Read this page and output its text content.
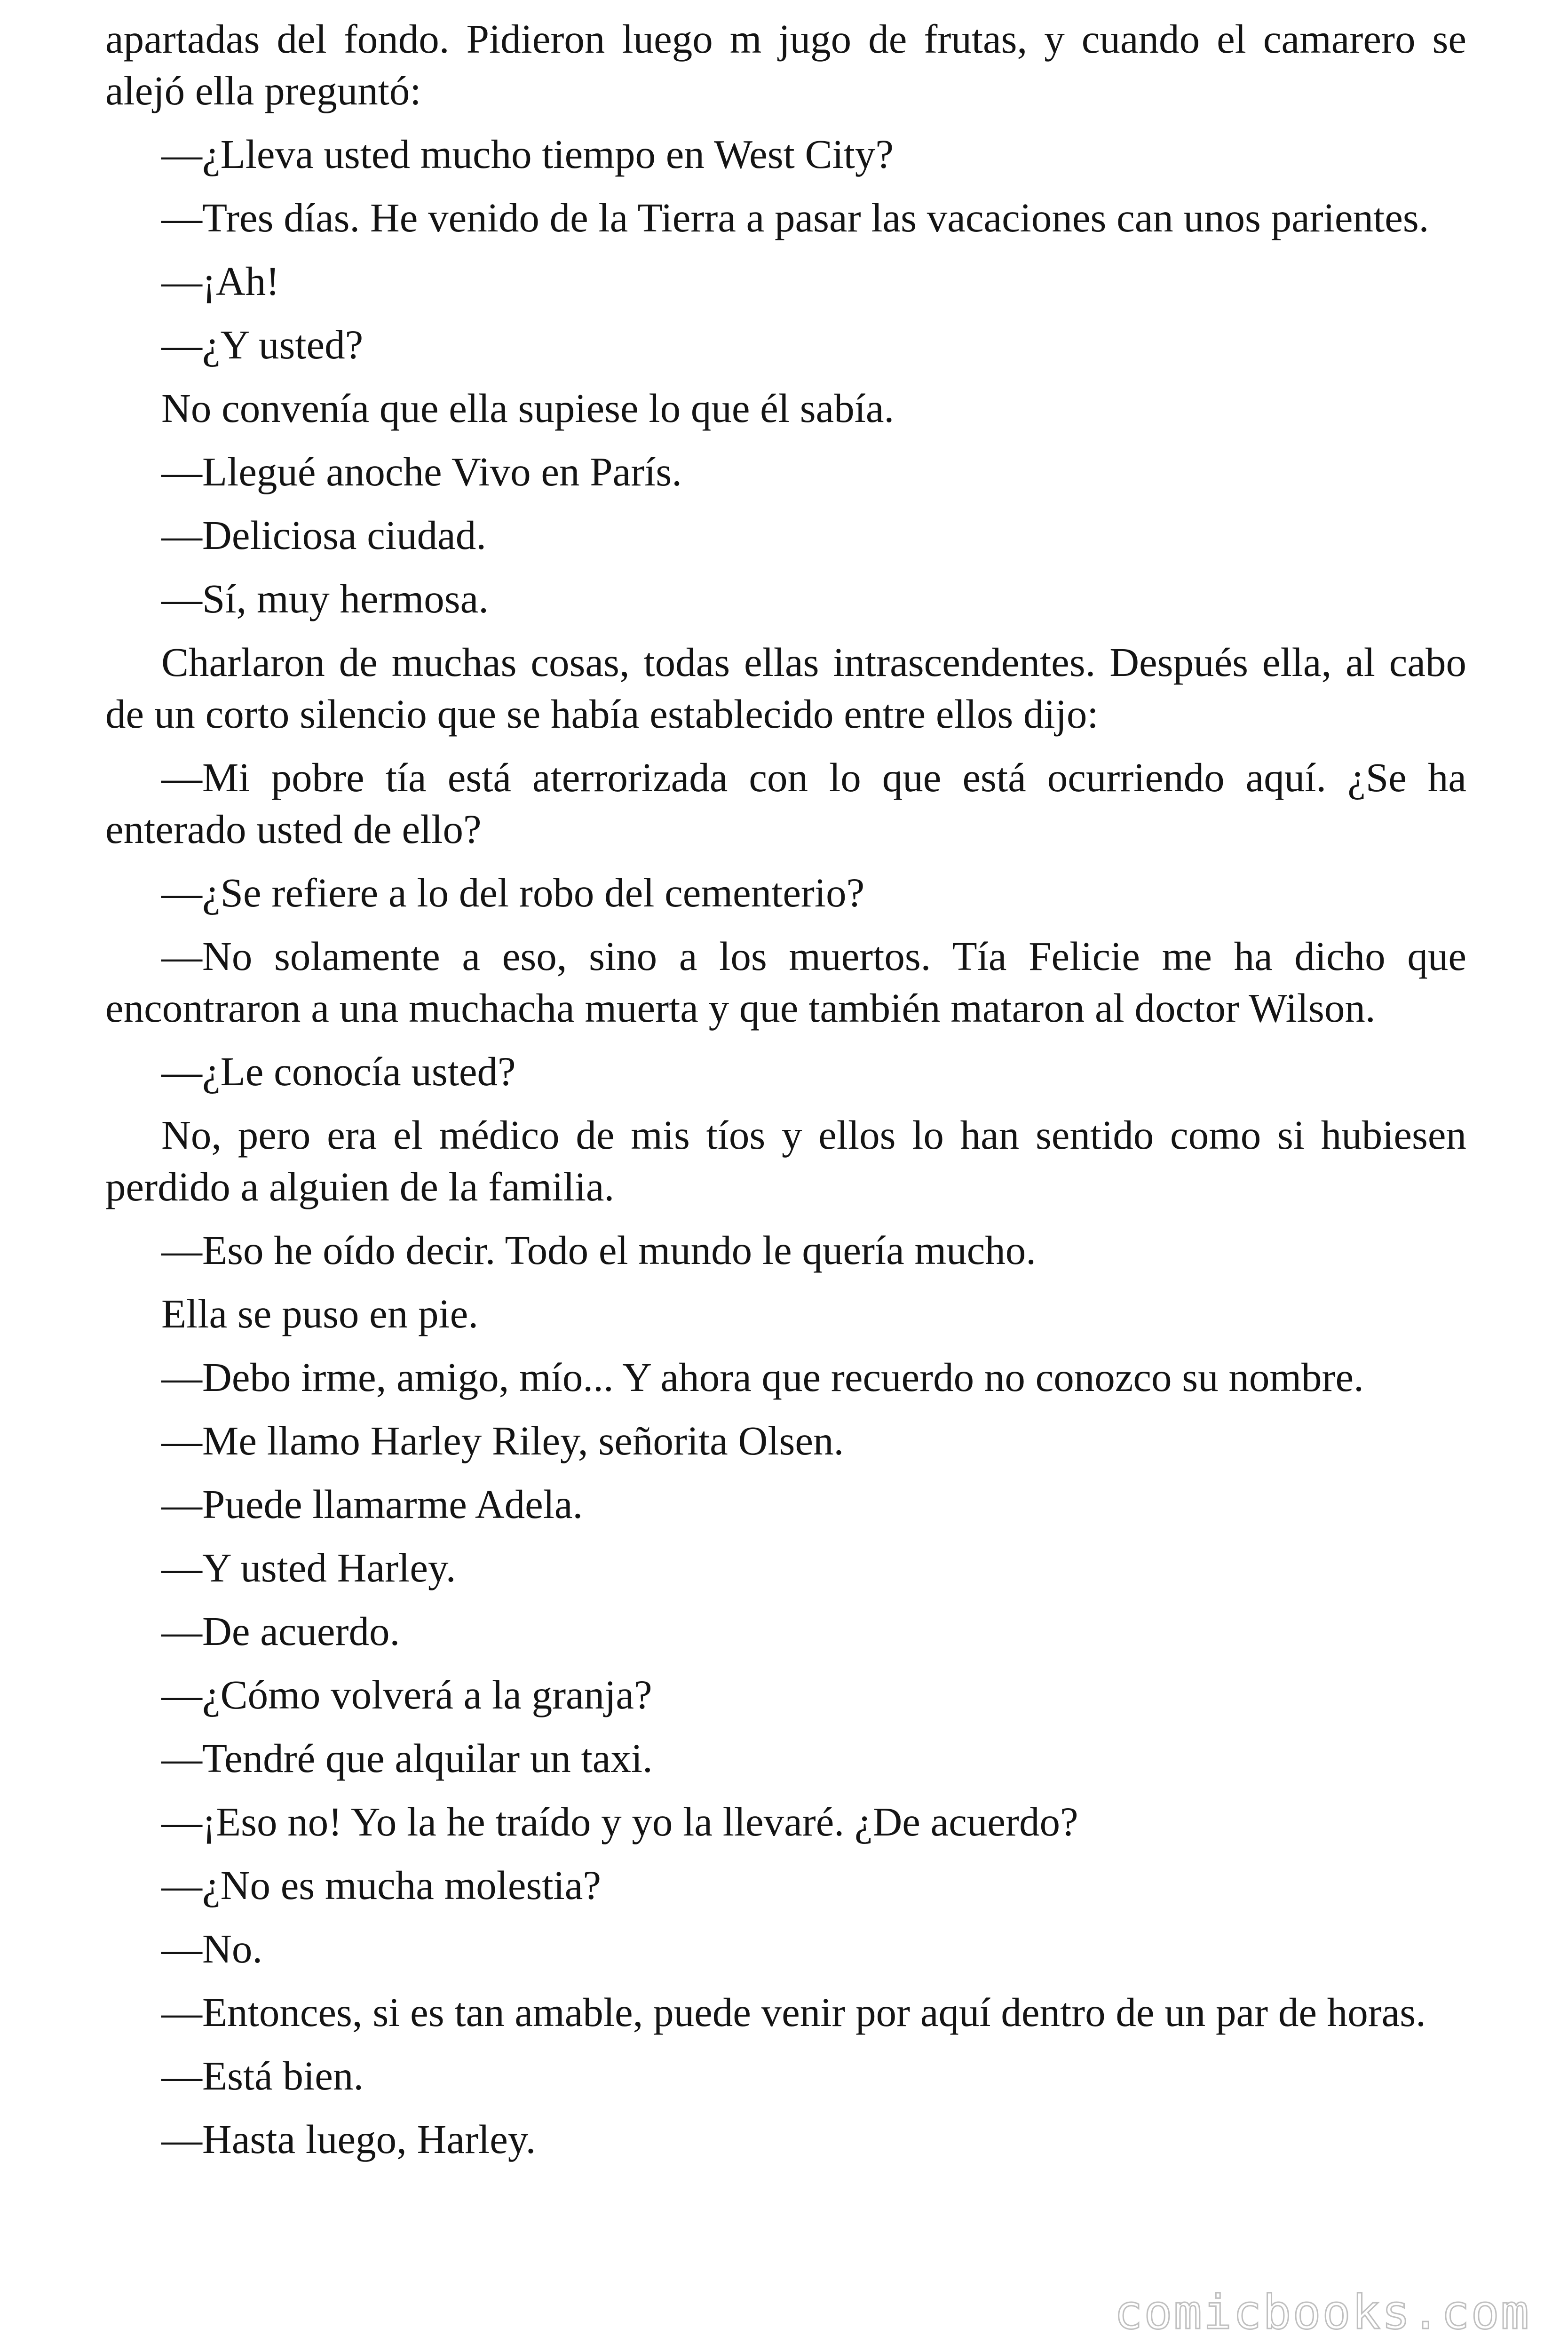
apartadas del fondo. Pidieron luego m jugo de frutas, y cuando el camarero se alejó ella preguntó:

—¿Lleva usted mucho tiempo en West City?

—Tres días. He venido de la Tierra a pasar las vacaciones can unos parientes.

—¡Ah!

—¿Y usted?

No convenía que ella supiese lo que él sabía.

—Llegué anoche Vivo en París.

—Deliciosa ciudad.

—Sí, muy hermosa.

Charlaron de muchas cosas, todas ellas intrascendentes. Después ella, al cabo de un corto silencio que se había establecido entre ellos dijo:

—Mi pobre tía está aterrorizada con lo que está ocurriendo aquí. ¿Se ha enterado usted de ello?

—¿Se refiere a lo del robo del cementerio?

—No solamente a eso, sino a los muertos. Tía Felicie me ha dicho que encontraron a una muchacha muerta y que también mataron al doctor Wilson.

—¿Le conocía usted?

No, pero era el médico de mis tíos y ellos lo han sentido como si hubiesen perdido a alguien de la familia.

—Eso he oído decir. Todo el mundo le quería mucho.

Ella se puso en pie.

—Debo irme, amigo, mío... Y ahora que recuerdo no conozco su nombre.

—Me llamo Harley Riley, señorita Olsen.

—Puede llamarme Adela.

—Y usted Harley.

—De acuerdo.

—¿Cómo volverá a la granja?

—Tendré que alquilar un taxi.

—¡Eso no! Yo la he traído y yo la llevaré. ¿De acuerdo?

—¿No es mucha molestia?

—No.

—Entonces, si es tan amable, puede venir por aquí dentro de un par de horas.

—Está bien.

—Hasta luego, Harley.

comicbooks.com
